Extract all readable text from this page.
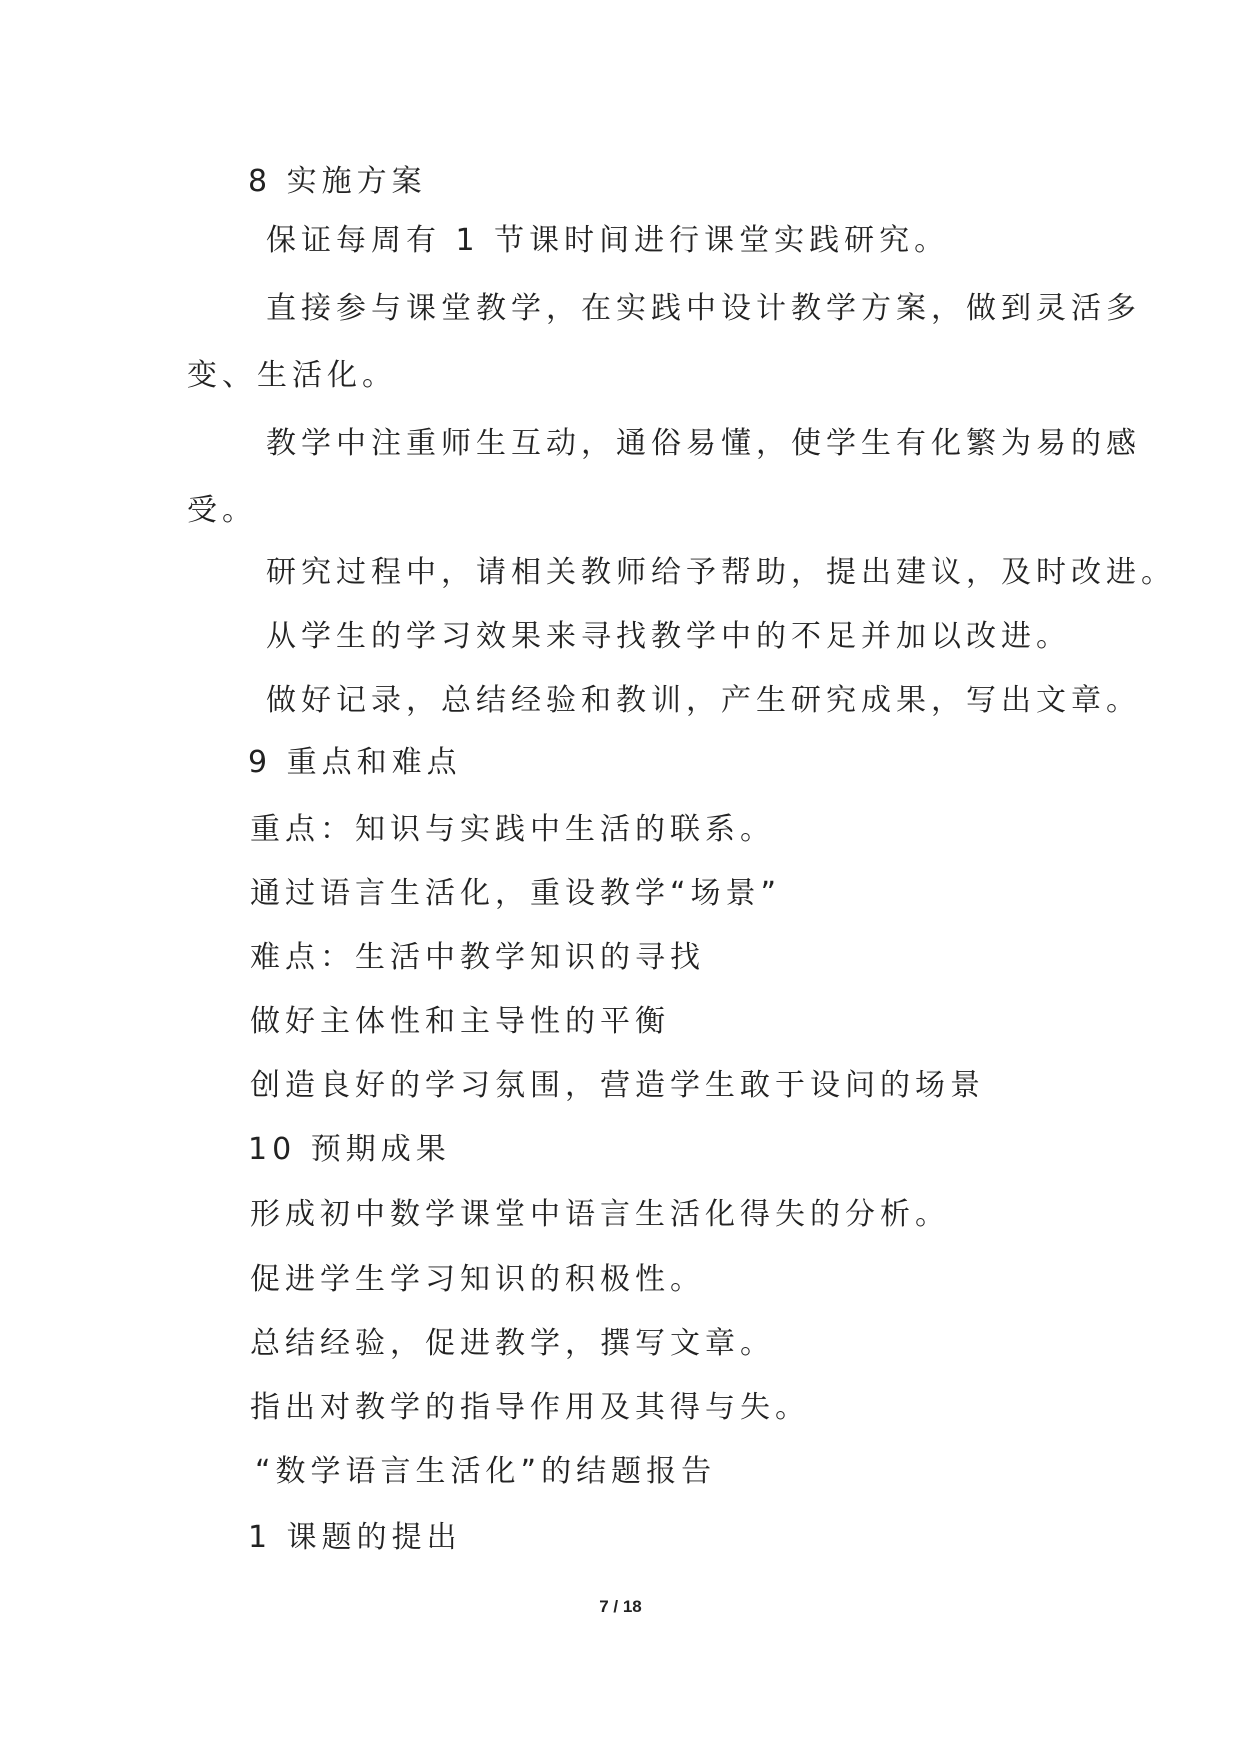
8 实施方案
保证每周有 1 节课时间进行课堂实践研究。
直接参与课堂教学，在实践中设计教学方案，做到灵活多
变、生活化。
教学中注重师生互动，通俗易懂，使学生有化繁为易的感
受。
研究过程中，请相关教师给予帮助，提出建议，及时改进。
从学生的学习效果来寻找教学中的不足并加以改进。
做好记录，总结经验和教训，产生研究成果，写出文章。
9 重点和难点
重点：知识与实践中生活的联系。
通过语言生活化，重设教学“场景”
难点：生活中教学知识的寻找
做好主体性和主导性的平衡
创造良好的学习氛围，营造学生敢于设问的场景
10 预期成果
形成初中数学课堂中语言生活化得失的分析。
促进学生学习知识的积极性。
总结经验，促进教学，撰写文章。
指出对教学的指导作用及其得与失。
“数学语言生活化”的结题报告
1 课题的提出
7 / 18
